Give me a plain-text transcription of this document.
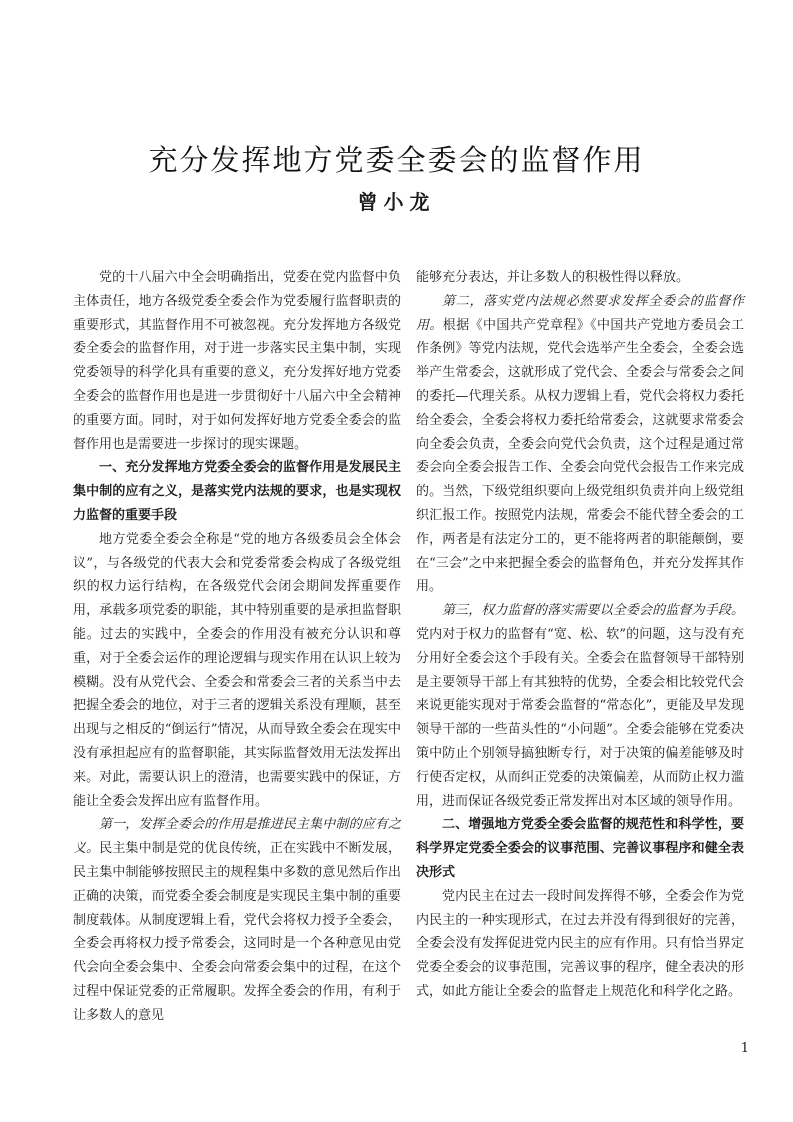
充分发挥地方党委全委会的监督作用
曾小龙

党的十八届六中全会明确指出，党委在党内监督中负主体责任，地方各级党委全委会作为党委履行监督职责的重要形式，其监督作用不可被忽视。充分发挥地方各级党委全委会的监督作用，对于进一步落实民主集中制，实现党委领导的科学化具有重要的意义，充分发挥好地方党委全委会的监督作用也是进一步贯彻好十八届六中全会精神的重要方面。同时，对于如何发挥好地方党委全委会的监督作用也是需要进一步探讨的现实课题。

一、充分发挥地方党委全委会的监督作用是发展民主集中制的应有之义，是落实党内法规的要求，也是实现权力监督的重要手段

地方党委全委会全称是“党的地方各级委员会全体会议”，与各级党的代表大会和党委常委会构成了各级党组织的权力运行结构，在各级党代会闭会期间发挥重要作用，承载多项党委的职能，其中特别重要的是承担监督职能。过去的实践中，全委会的作用没有被充分认识和尊重，对于全委会运作的理论逻辑与现实作用在认识上较为模糊。没有从党代会、全委会和常委会三者的关系当中去把握全委会的地位，对于三者的逻辑关系没有理顺，甚至出现与之相反的“倒运行”情况，从而导致全委会在现实中没有承担起应有的监督职能，其实际监督效用无法发挥出来。对此，需要认识上的澄清，也需要实践中的保证，方能让全委会发挥出应有监督作用。

第一，发挥全委会的作用是推进民主集中制的应有之义。民主集中制是党的优良传统，正在实践中不断发展，民主集中制能够按照民主的规程集中多数的意见然后作出正确的决策，而党委全委会制度是实现民主集中制的重要制度载体。从制度逻辑上看，党代会将权力授予全委会，全委会再将权力授予常委会，这同时是一个各种意见由党代会向全委会集中、全委会向常委会集中的过程，在这个过程中保证党委的正常履职。发挥全委会的作用，有利于让多数人的意见

能够充分表达，并让多数人的积极性得以释放。

第二，落实党内法规必然要求发挥全委会的监督作用。根据《中国共产党章程》《中国共产党地方委员会工作条例》等党内法规，党代会选举产生全委会，全委会选举产生常委会，这就形成了党代会、全委会与常委会之间的委托—代理关系。从权力逻辑上看，党代会将权力委托给全委会，全委会将权力委托给常委会，这就要求常委会向全委会负责，全委会向党代会负责，这个过程是通过常委会向全委会报告工作、全委会向党代会报告工作来完成的。当然，下级党组织要向上级党组织负责并向上级党组织汇报工作。按照党内法规，常委会不能代替全委会的工作，两者是有法定分工的，更不能将两者的职能颠倒，要在“三会”之中来把握全委会的监督角色，并充分发挥其作用。

第三，权力监督的落实需要以全委会的监督为手段。党内对于权力的监督有“宽、松、软”的问题，这与没有充分用好全委会这个手段有关。全委会在监督领导干部特别是主要领导干部上有其独特的优势，全委会相比较党代会来说更能实现对于常委会监督的“常态化”，更能及早发现领导干部的一些苗头性的“小问题”。全委会能够在党委决策中防止个别领导搞独断专行，对于决策的偏差能够及时行使否定权，从而纠正党委的决策偏差，从而防止权力滥用，进而保证各级党委正常发挥出对本区域的领导作用。

二、增强地方党委全委会监督的规范性和科学性，要科学界定党委全委会的议事范围、完善议事程序和健全表决形式

党内民主在过去一段时间发挥得不够，全委会作为党内民主的一种实现形式，在过去并没有得到很好的完善，全委会没有发挥促进党内民主的应有作用。只有恰当界定党委全委会的议事范围，完善议事的程序，健全表决的形式，如此方能让全委会的监督走上规范化和科学化之路。

1
